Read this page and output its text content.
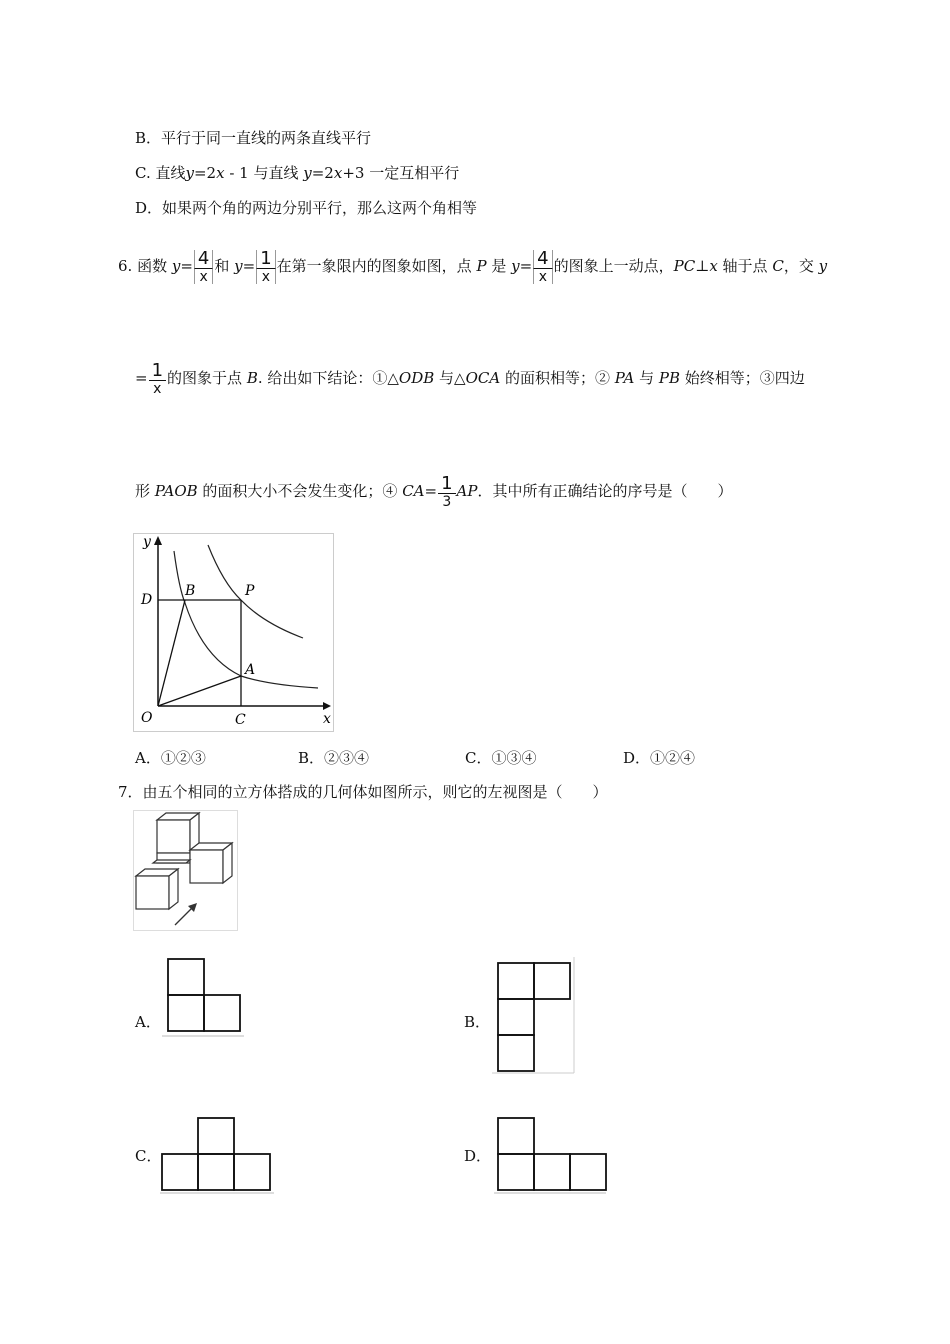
B．平行于同一直线的两条直线平行
C. 直线y=2x - 1 与直线 y=2x+3 一定互相平行
D．如果两个角的两边分别平行，那么这两个角相等
6. 函数 $y= \frac{4}{x}$ 和 $y= \frac{1}{x}$ 在第一象限内的图象如图，点 P 是 $y= \frac{4}{x}$ 的图象上一动点，PC⊥x 轴于点 C，交 y
= $\frac{1}{x}$ 的图象于点 B. 给出如下结论：①△ODB 与△OCA 的面积相等；② PA 与 PB 始终相等；③四边
形 PAOB 的面积大小不会发生变化；④ $CA= \frac{1}{3}$ AP．其中所有正确结论的序号是（　　）
y
x
O	C
D
B	P
A
A．①②③	B．②③④	C．①③④	D．①②④
7．由五个相同的立方体搭成的几何体如图所示，则它的左视图是（　　）
A．	B．
C．	D．
